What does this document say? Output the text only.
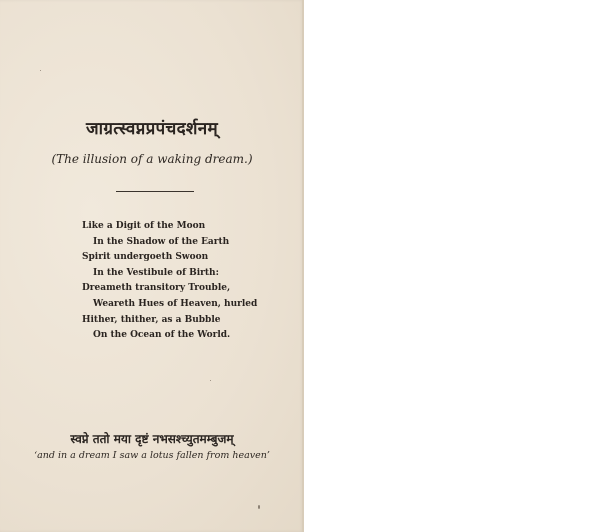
जाग्रत्स्वप्नप्रपंचदर्शनम्
(The illusion of a waking dream.)
Like a Digit of the Moon
In the Shadow of the Earth
Spirit undergoeth Swoon
In the Vestibule of Birth:
Dreameth transitory Trouble,
Weareth Hues of Heaven, hurled
Hither, thither, as a Bubble
On the Ocean of the World.
स्वप्ने ततो मया दृष्टं नभसश्च्युतमम्बुजम्
‘and in a dream I saw a lotus fallen from heaven’
